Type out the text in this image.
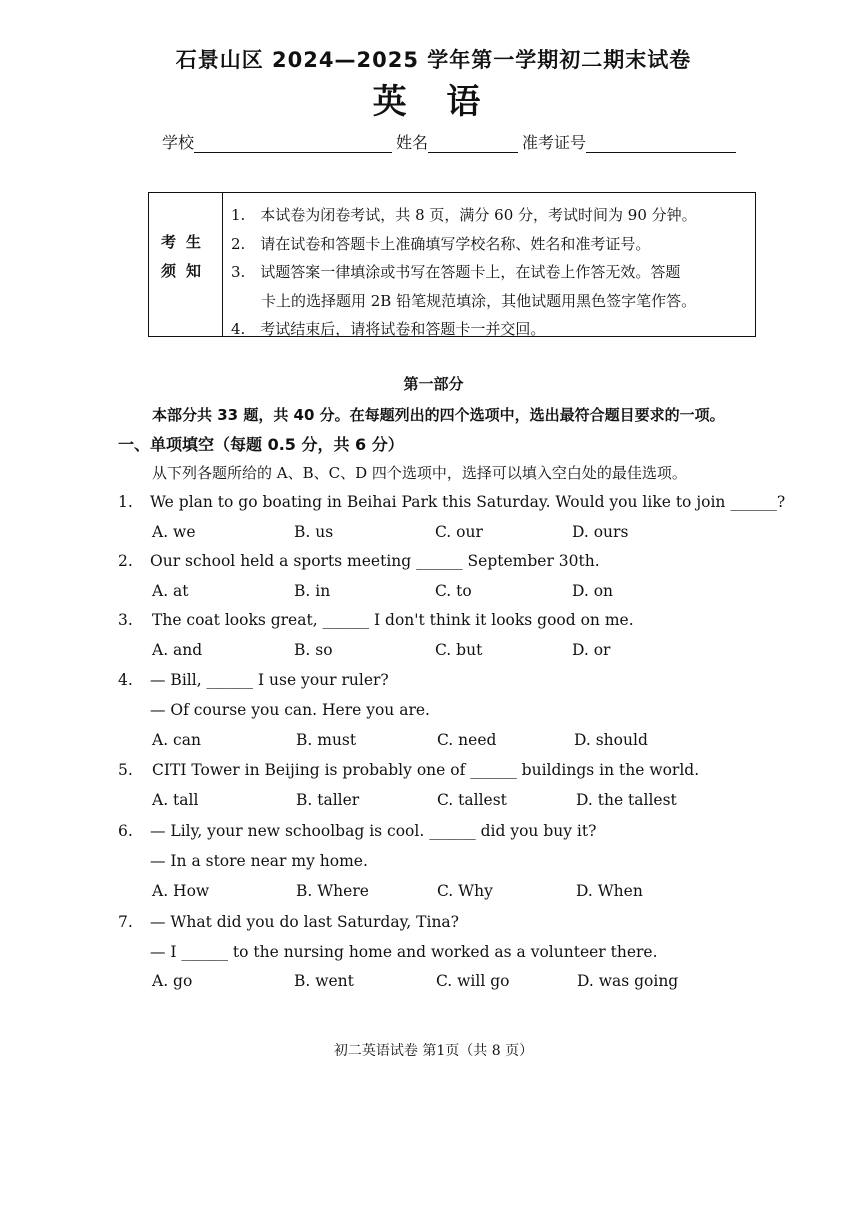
石景山区 2024—2025 学年第一学期初二期末试卷
英 语
学校	姓名	准考证号
考生
须知
1.　本试卷为闭卷考试，共 8 页，满分 60 分，考试时间为 90 分钟。
2.　请在试卷和答题卡上准确填写学校名称、姓名和准考证号。
3.　试题答案一律填涂或书写在答题卡上，在试卷上作答无效。答题
　　卡上的选择题用 2B 铅笔规范填涂，其他试题用黑色签字笔作答。
4.　考试结束后，请将试卷和答题卡一并交回。
第一部分
本部分共 33 题，共 40 分。在每题列出的四个选项中，选出最符合题目要求的一项。
一、单项填空（每题 0.5 分，共 6 分）
从下列各题所给的 A、B、C、D 四个选项中，选择可以填入空白处的最佳选项。
1. We plan to go boating in Beihai Park this Saturday. Would you like to join ______?
A. we	B. us	C. our	D. ours
2. Our school held a sports meeting ______ September 30th.
A. at	B. in	C. to	D. on
3. The coat looks great, ______ I don't think it looks good on me.
A. and	B. so	C. but	D. or
4. — Bill, ______ I use your ruler?
— Of course you can. Here you are.
A. can	B. must	C. need	D. should
5. CITI Tower in Beijing is probably one of ______ buildings in the world.
A. tall	B. taller	C. tallest	D. the tallest
6. — Lily, your new schoolbag is cool. ______ did you buy it?
— In a store near my home.
A. How	B. Where	C. Why	D. When
7. — What did you do last Saturday, Tina?
— I ______ to the nursing home and worked as a volunteer there.
A. go	B. went	C. will go	D. was going
初二英语试卷 第1页（共 8 页）
